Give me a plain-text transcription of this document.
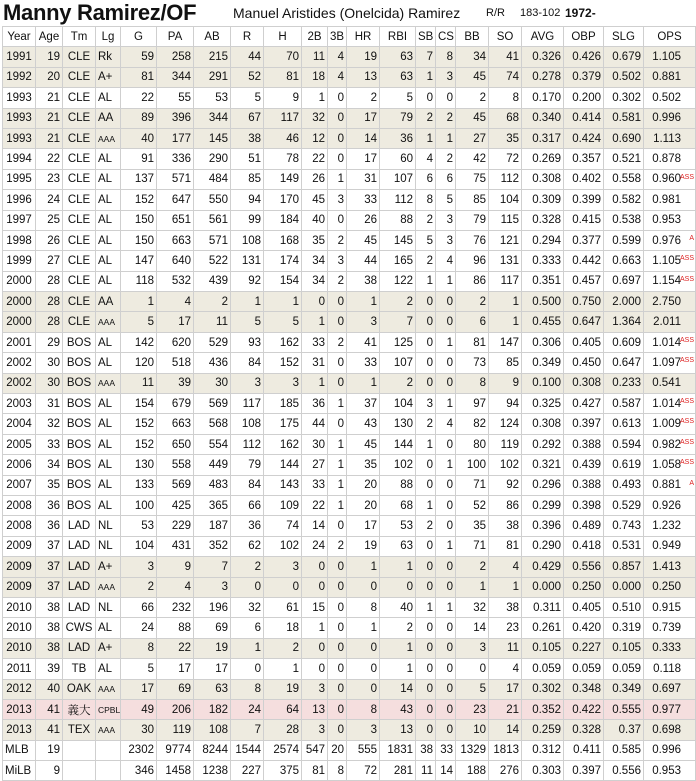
Manny Ramirez/OF	Manuel Aristides (Onelcida) Ramirez R/R 183-102 1972-
Year	Age	Tm	Lg	G	PA	AB	R	H	2B	3B	HR	RBI	SB	CS	BB	SO	AVG	OBP	SLG	OPS
1991	19	CLE	Rk	59	258	215	44	70	11	4	19	63	7	8	34	41	0.326	0.426	0.679	1.105
1992	20	CLE	A+	81	344	291	52	81	18	4	13	63	1	3	45	74	0.278	0.379	0.502	0.881
1993	21	CLE	AL	22	55	53	5	9	1	0	2	5	0	0	2	8	0.170	0.200	0.302	0.502
1993	21	CLE	AA	89	396	344	67	117	32	0	17	79	2	2	45	68	0.340	0.414	0.581	0.996
1993	21	CLE	AAA	40	177	145	38	46	12	0	14	36	1	1	27	35	0.317	0.424	0.690	1.113
1994	22	CLE	AL	91	336	290	51	78	22	0	17	60	4	2	42	72	0.269	0.357	0.521	0.878
1995	23	CLE	AL	137	571	484	85	149	26	1	31	107	6	6	75	112	0.308	0.402	0.558	0.960
ASS

1996	24	CLE	AL	152	647	550	94	170	45	3	33	112	8	5	85	104	0.309	0.399	0.582	0.981
1997	25	CLE	AL	150	651	561	99	184	40	0	26	88	2	3	79	115	0.328	0.415	0.538	0.953
1998	26	CLE	AL	150	663	571	108	168	35	2	45	145	5	3	76	121	0.294	0.377	0.599	0.976 A

1999	27	CLE	AL	147	640	522	131	174	34	3	44	165	2	4	96	131	0.333	0.442	0.663	1.105
ASS

2000	28	CLE	AL	118	532	439	92	154	34	2	38	122	1	1	86	117	0.351	0.457	0.697	1.154
ASS

2000	28	CLE	AA	1	4	2	1	1	0	0	1	2	0	0	2	1	0.500	0.750	2.000	2.750
2000	28	CLE	AAA	5	17	11	5	5	1	0	3	7	0	0	6	1	0.455	0.647	1.364	2.011
2001	29	BOS	AL	142	620	529	93	162	33	2	41	125	0	1	81	147	0.306	0.405	0.609	1.014
ASS

2002	30	BOS	AL	120	518	436	84	152	31	0	33	107	0	0	73	85	0.349	0.450	0.647	1.097
ASS

2002	30	BOS	AAA	11	39	30	3	3	1	0	1	2	0	0	8	9	0.100	0.308	0.233	0.541
2003	31	BOS	AL	154	679	569	117	185	36	1	37	104	3	1	97	94	0.325	0.427	0.587	1.014
ASS

2004	32	BOS	AL	152	663	568	108	175	44	0	43	130	2	4	82	124	0.308	0.397	0.613	1.009
ASS

2005	33	BOS	AL	152	650	554	112	162	30	1	45	144	1	0	80	119	0.292	0.388	0.594	0.982
ASS

2006	34	BOS	AL	130	558	449	79	144	27	1	35	102	0	1	100	102	0.321	0.439	0.619	1.058
ASS

2007	35	BOS	AL	133	569	483	84	143	33	1	20	88	0	0	71	92	0.296	0.388	0.493	0.881 A

2008	36	BOS	AL	100	425	365	66	109	22	1	20	68	1	0	52	86	0.299	0.398	0.529	0.926
2008	36	LAD	NL	53	229	187	36	74	14	0	17	53	2	0	35	38	0.396	0.489	0.743	1.232
2009	37	LAD	NL	104	431	352	62	102	24	2	19	63	0	1	71	81	0.290	0.418	0.531	0.949
2009	37	LAD	A+	3	9	7	2	3	0	0	1	1	0	0	2	4	0.429	0.556	0.857	1.413
2009	37	LAD	AAA	2	4	3	0	0	0	0	0	0	0	0	1	1	0.000	0.250	0.000	0.250
2010	38	LAD	NL	66	232	196	32	61	15	0	8	40	1	1	32	38	0.311	0.405	0.510	0.915
2010	38	CWS	AL	24	88	69	6	18	1	0	1	2	0	0	14	23	0.261	0.420	0.319	0.739
2010	38	LAD	A+	8	22	19	1	2	0	0	0	1	0	0	3	11	0.105	0.227	0.105	0.333
2011	39	TB	AL	5	17	17	0	1	0	0	0	1	0	0	0	4	0.059	0.059	0.059	0.118
2012	40	OAK	AAA	17	69	63	8	19	3	0	0	14	0	0	5	17	0.302	0.348	0.349	0.697
2013	41	義大	CPBL	49	206	182	24	64	13	0	8	43	0	0	23	21	0.352	0.422	0.555	0.977
2013	41	TEX	AAA	30	119	108	7	28	3	0	3	13	0	0	10	14	0.259	0.328	0.37	0.698
MLB	19			2302	9774	8244	1544	2574	547	20	555	1831	38	33	1329	1813	0.312	0.411	0.585	0.996
MiLB	9			346	1458	1238	227	375	81	8	72	281	11	14	188	276	0.303	0.397	0.556	0.953
